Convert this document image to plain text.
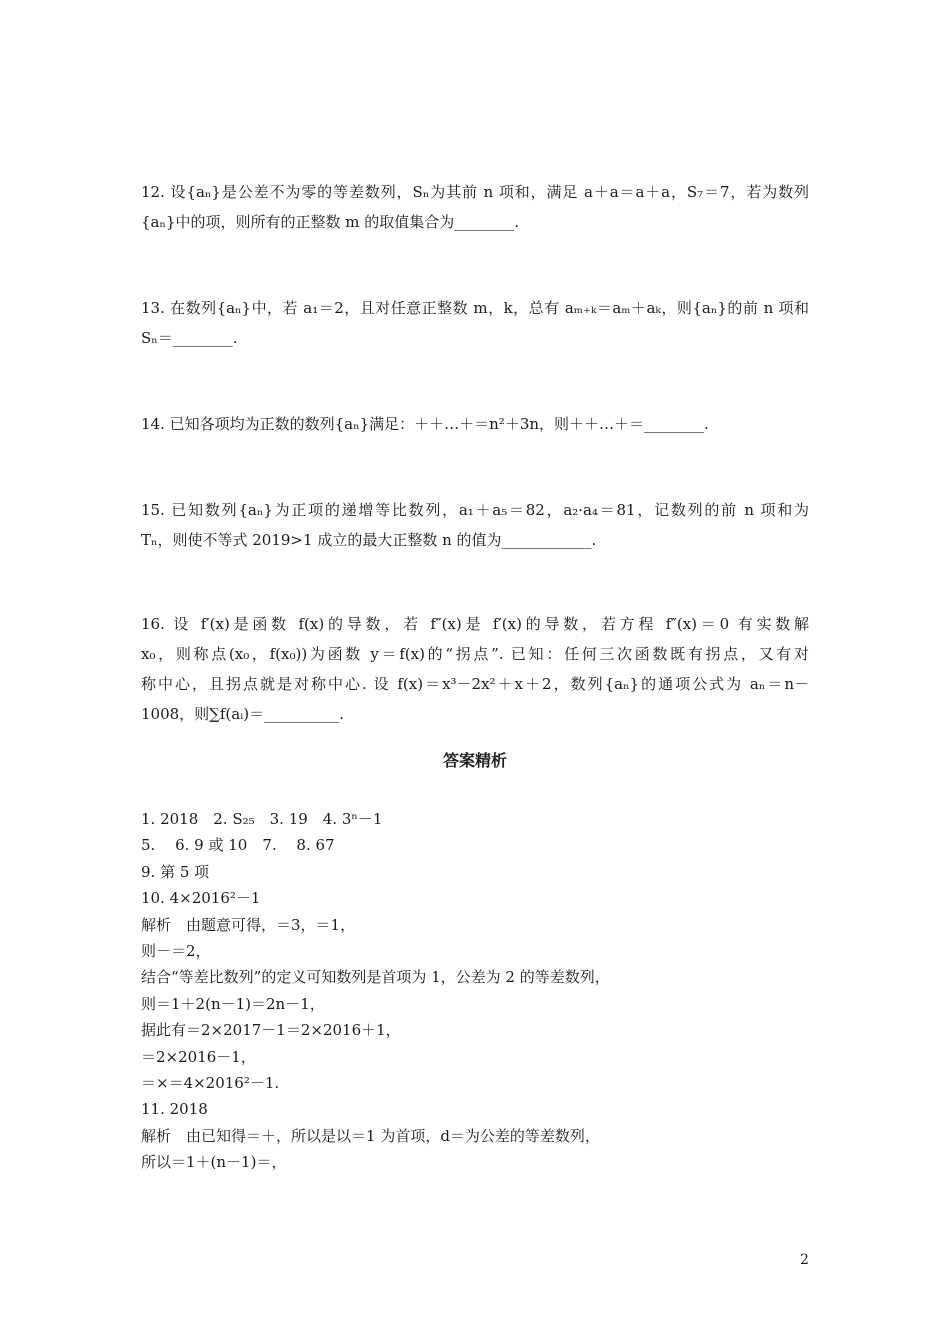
12. 设{aₙ}是公差不为零的等差数列，Sₙ为其前 n 项和，满足 a＋a＝a＋a，S₇＝7，若为数列
{aₙ}中的项，则所有的正整数 m 的取值集合为________.
13. 在数列{aₙ}中，若 a₁＝2，且对任意正整数 m，k，总有 aₘ₊ₖ＝aₘ＋aₖ，则{aₙ}的前 n 项和
Sₙ＝________.
14. 已知各项均为正数的数列{aₙ}满足：＋＋…＋＝n²＋3n，则＋＋…＋＝________.
15. 已知数列{aₙ}为正项的递增等比数列，a₁＋a₅＝82，a₂·a₄＝81，记数列的前 n 项和为
Tₙ，则使不等式 2019>1 成立的最大正整数 n 的值为____________.
16. 设 f′(x)是函数 f(x)的导数，若 f″(x)是 f′(x)的导数，若方程 f″(x)＝0 有实数解
x₀，则称点(x₀，f(x₀))为函数 y＝f(x)的“拐点”. 已知：任何三次函数既有拐点，又有对
称中心，且拐点就是对称中心. 设 f(x)＝x³－2x²＋x＋2，数列{aₙ}的通项公式为 aₙ＝n－
1008，则∑f(aᵢ)＝__________.
答案精析
1. 2018　2. S₂₅　3. 19　4. 3ⁿ－1
5. 　6. 9 或 10　7. 　8. 67
9. 第 5 项
10. 4×2016²－1
解析　由题意可得，＝3，＝1，
则－＝2，
结合“等差比数列”的定义可知数列是首项为 1，公差为 2 的等差数列，
则＝1＋2(n－1)＝2n－1，
据此有＝2×2017－1＝2×2016＋1，
＝2×2016－1，
＝×＝4×2016²－1.
11. 2018
解析　由已知得＝＋，所以是以＝1 为首项，d＝为公差的等差数列，
所以＝1＋(n－1)＝，
2
